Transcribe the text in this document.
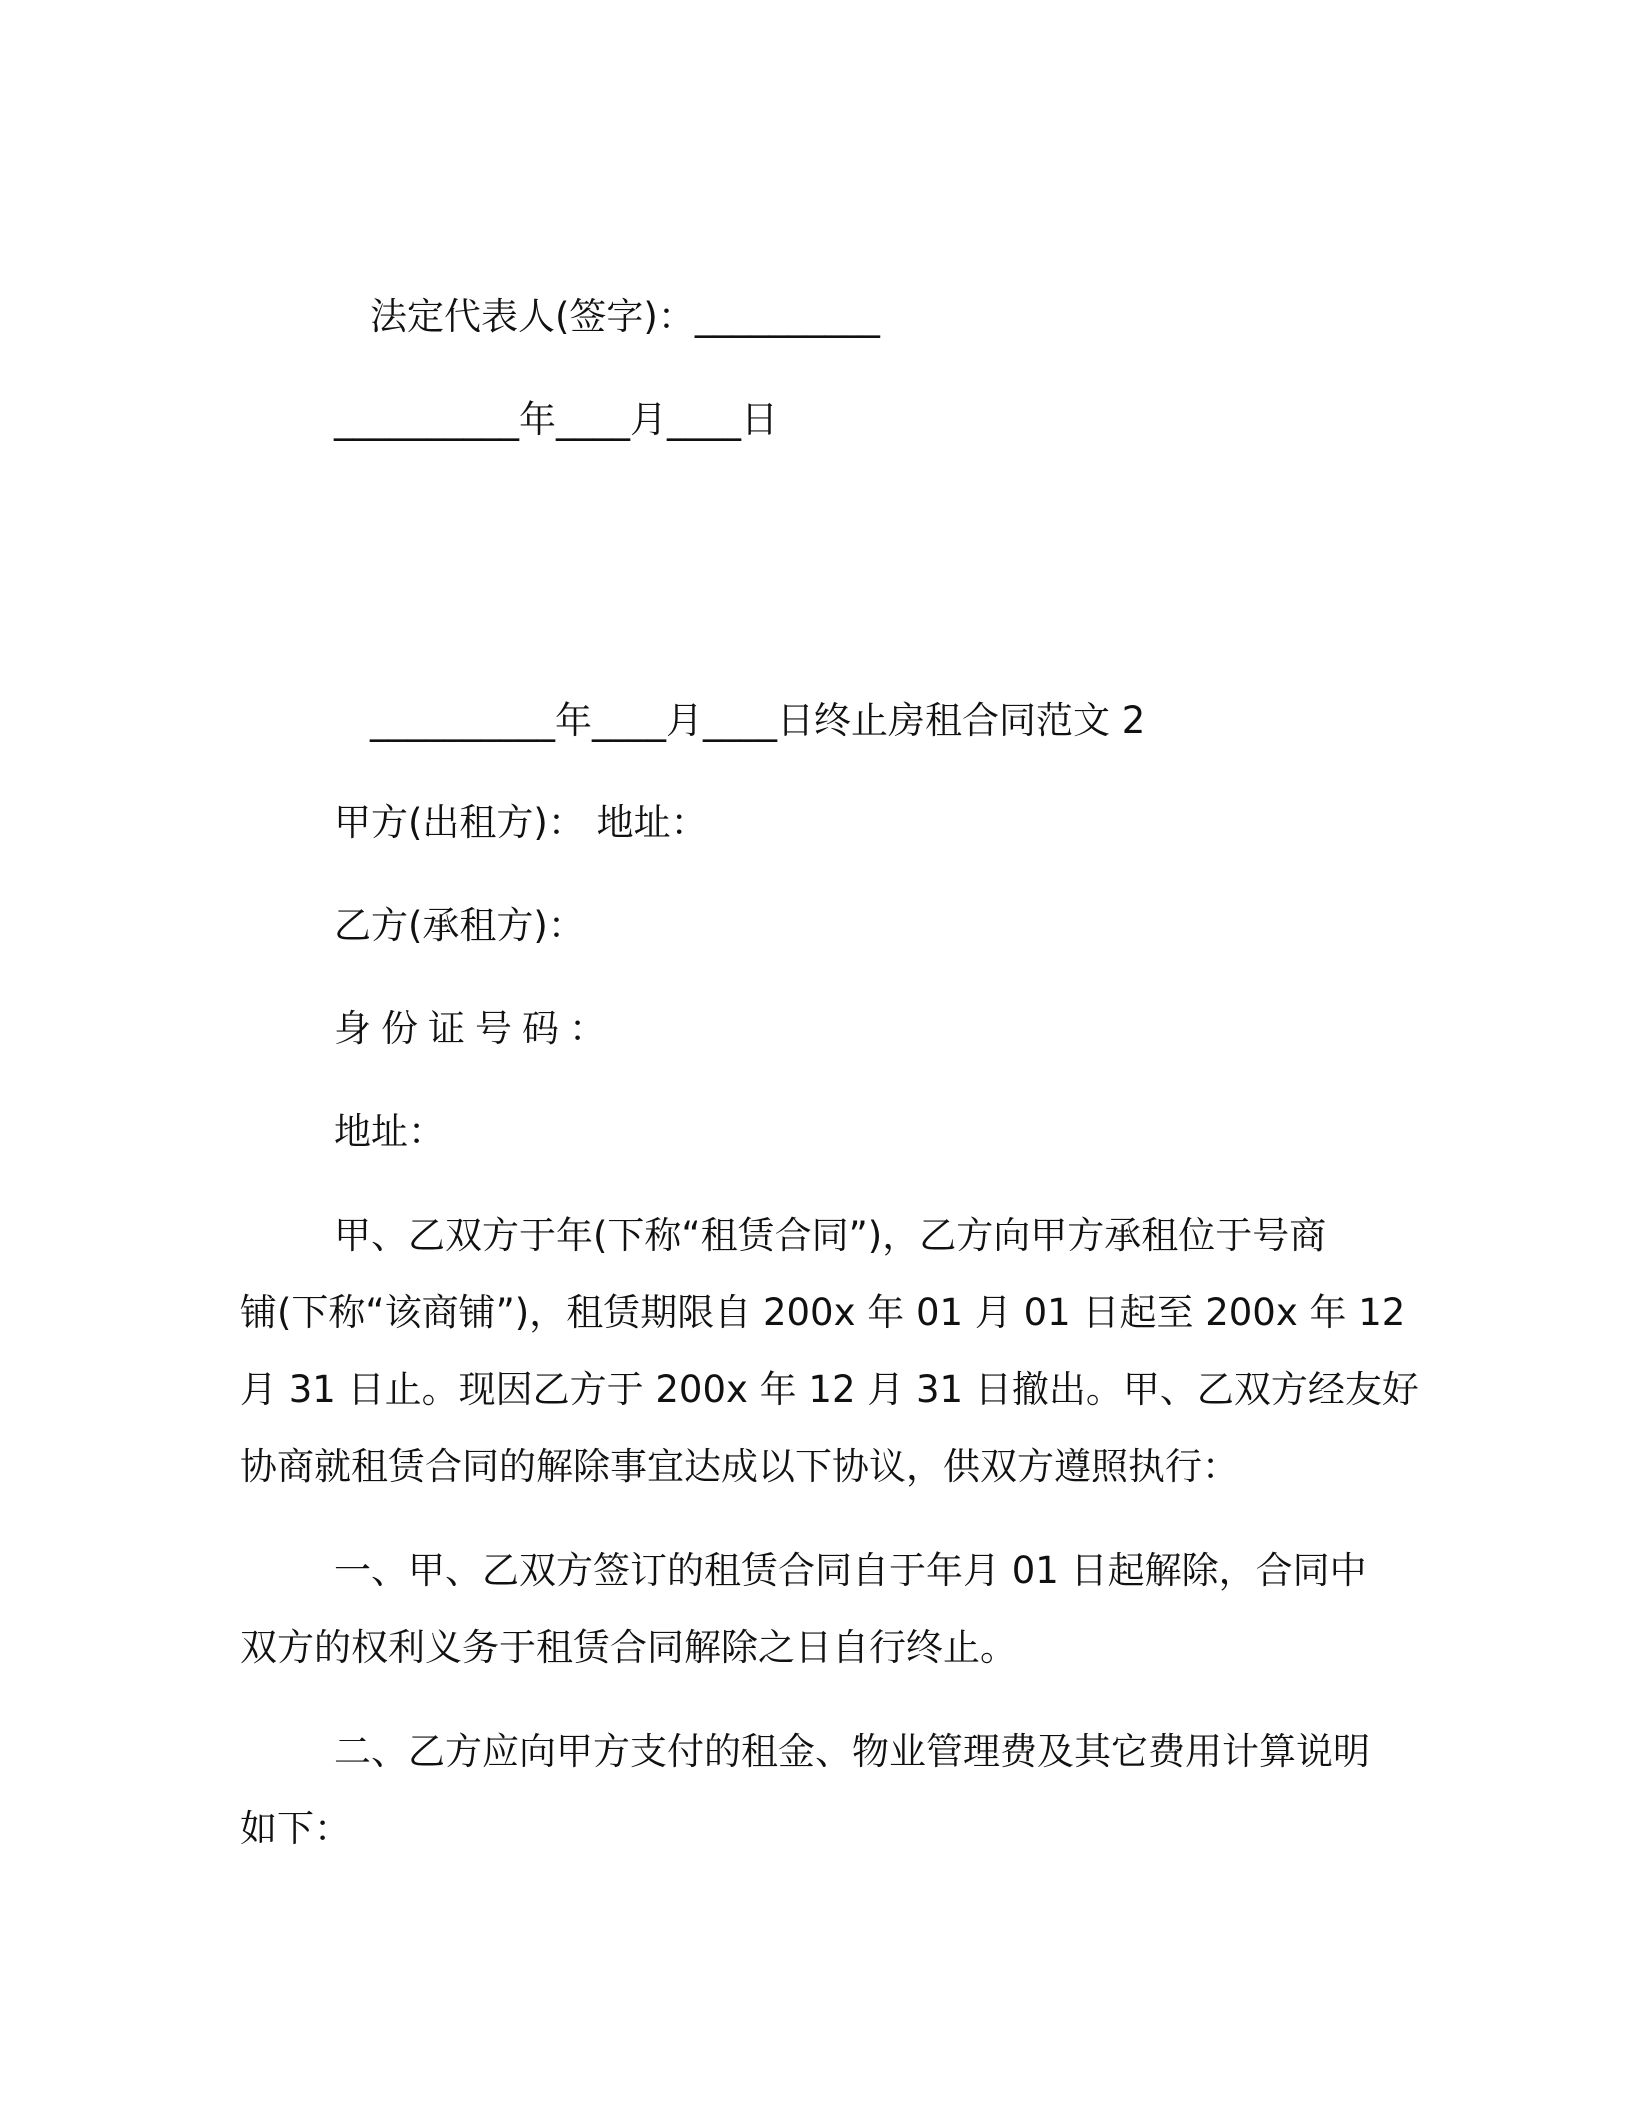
法定代表人(签字)：__________
__________年____月____日
__________年____月____日终止房租合同范文 2
甲方(出租方)： 地址：
乙方(承租方)：
身份证号码：
地址：
甲、乙双方于年(下称“租赁合同”)，乙方向甲方承租位于号商
铺(下称“该商铺”)，租赁期限自 200x 年 01 月 01 日起至 200x 年 12
月 31 日止。现因乙方于 200x 年 12 月 31 日撤出。甲、乙双方经友好
协商就租赁合同的解除事宜达成以下协议，供双方遵照执行：
一、甲、乙双方签订的租赁合同自于年月 01 日起解除，合同中
双方的权利义务于租赁合同解除之日自行终止。
二、乙方应向甲方支付的租金、物业管理费及其它费用计算说明
如下：
